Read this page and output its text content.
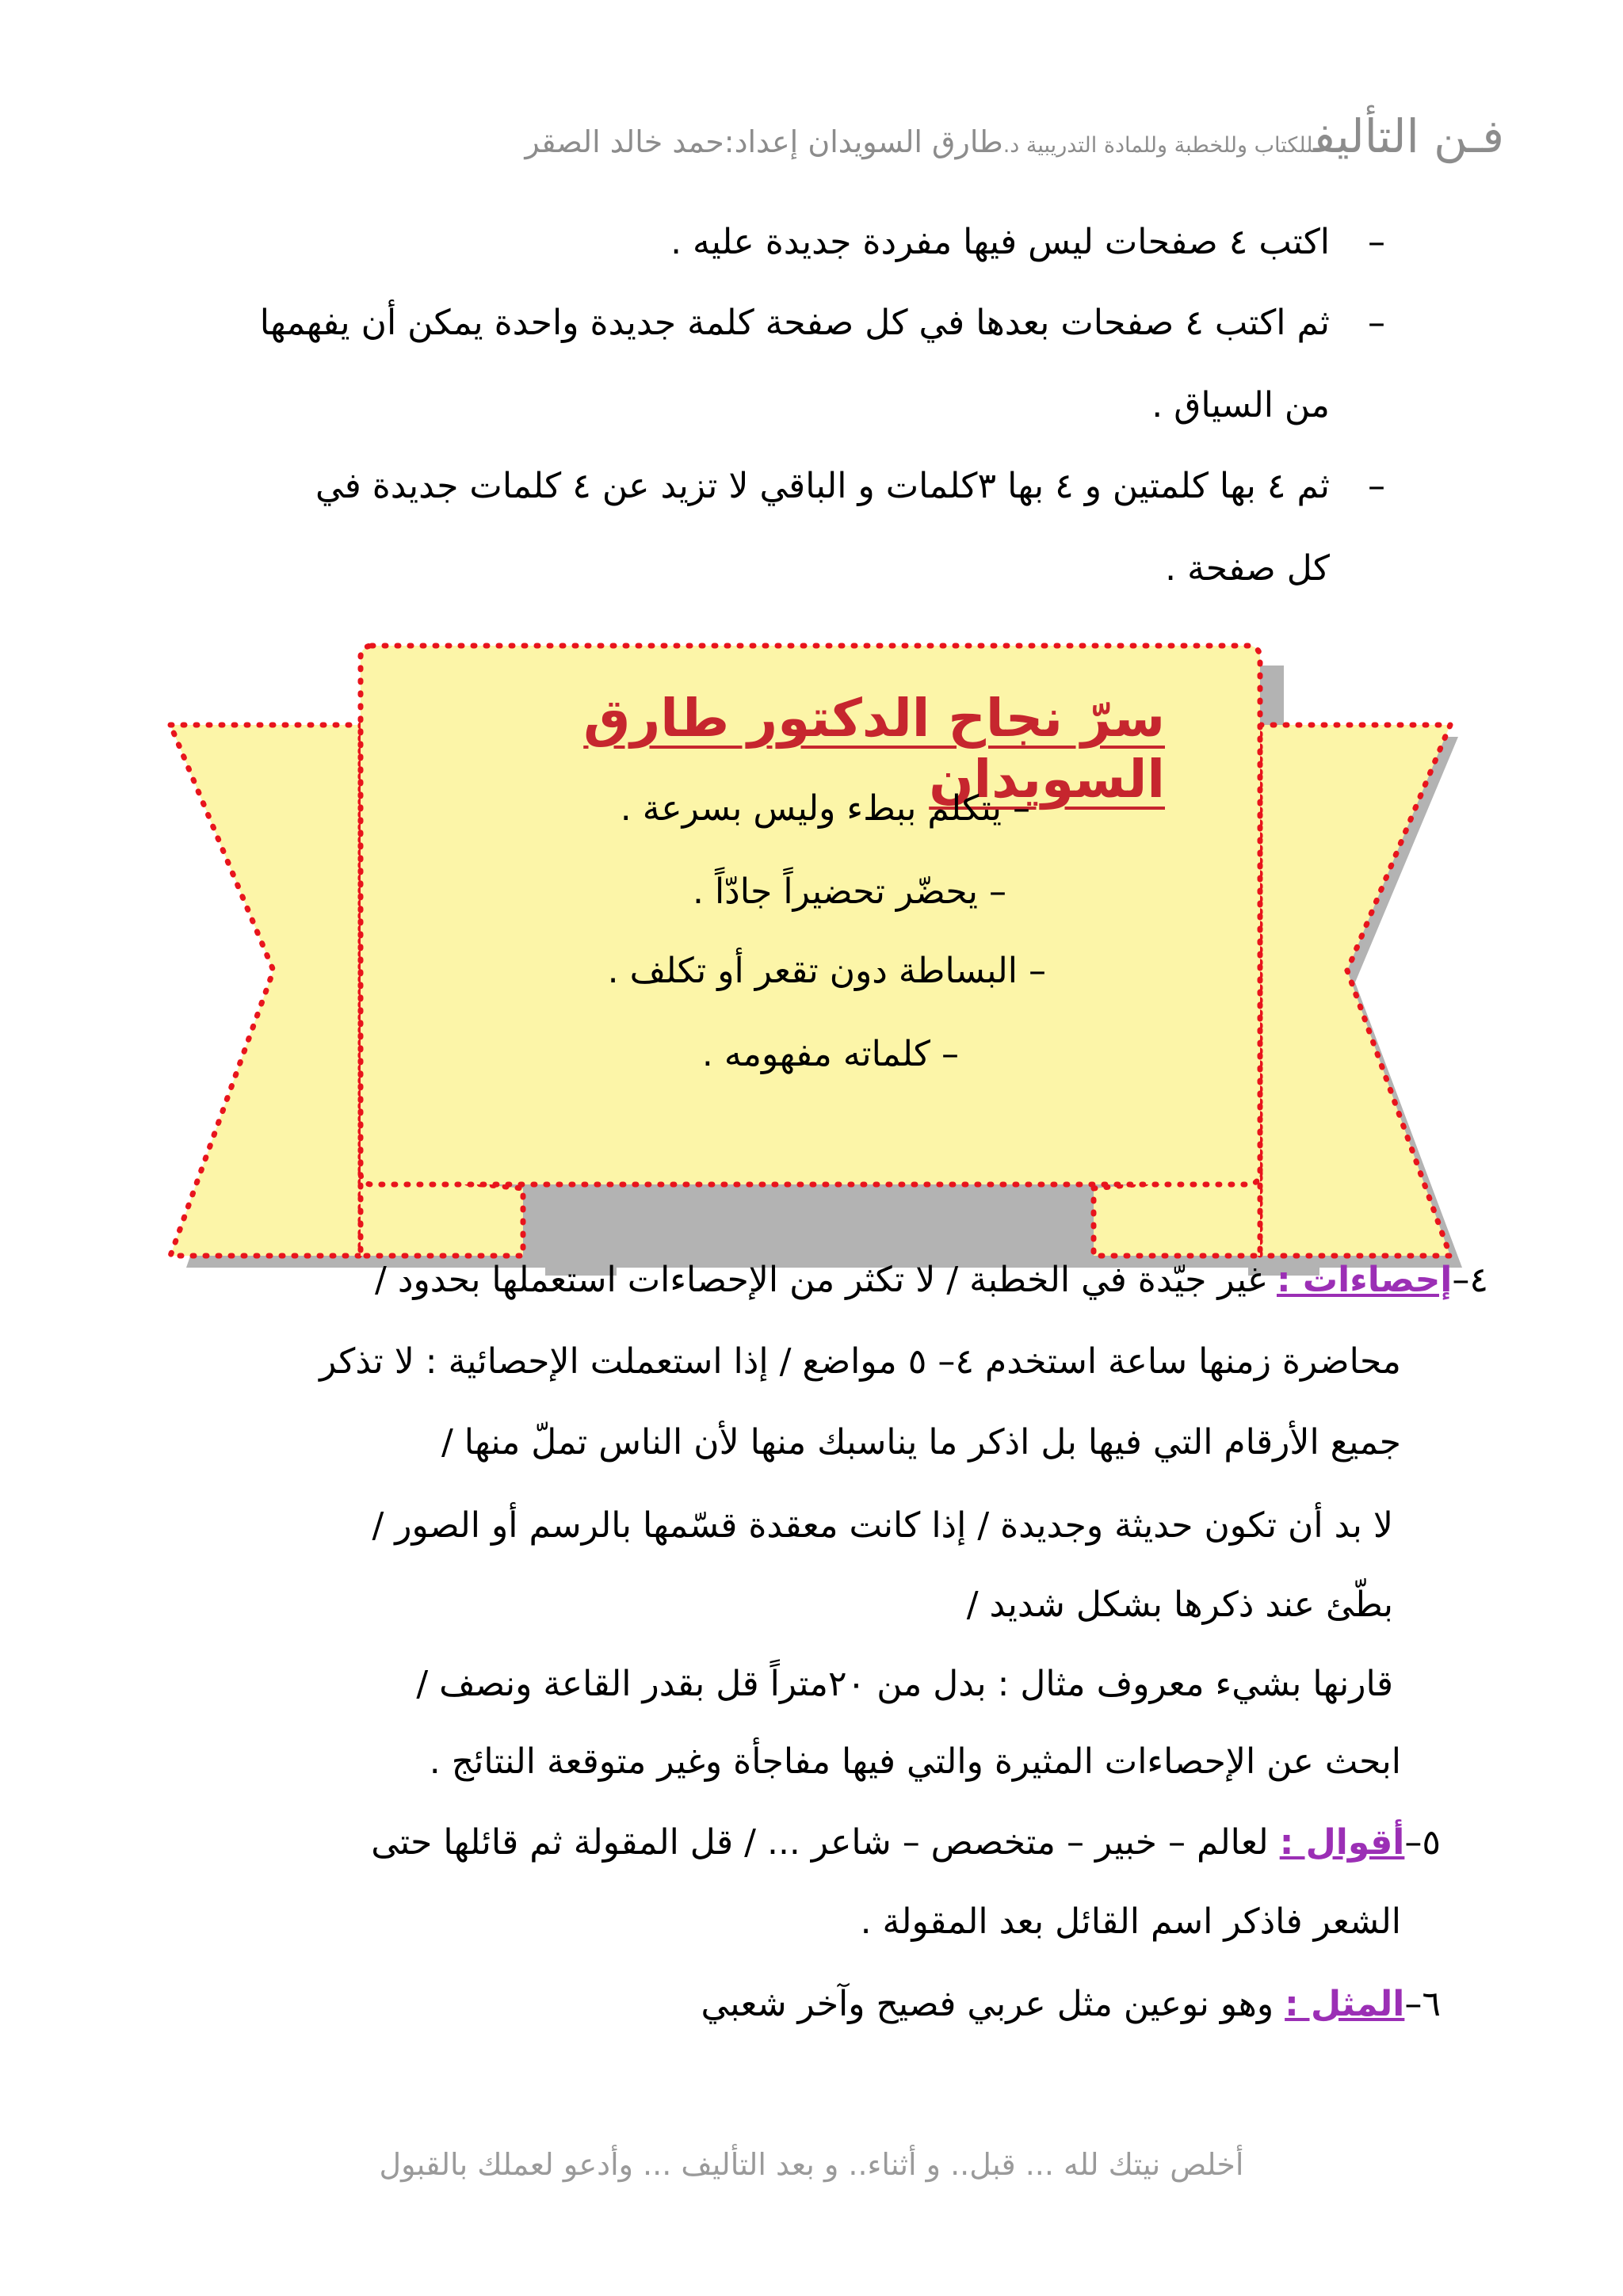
فـن التأليفللكتاب وللخطبة وللمادة التدريبية د.طارق السويدان إعداد:حمد خالد الصقر
–
اكتب ٤ صفحات ليس فيها مفردة جديدة عليه .
–
ثم اكتب ٤ صفحات بعدها في كل صفحة كلمة جديدة واحدة يمكن أن يفهمها
من السياق .
–
ثم ٤ بها كلمتين و ٤ بها ٣كلمات و الباقي لا تزيد عن ٤ كلمات جديدة في
كل صفحة .
سرّ نجاح الدكتور طارق السويدان
– يتكلم ببطء وليس بسرعة .
– يحضّر تحضيراً جادّاً .
– البساطة دون تقعر أو تكلف .
– كلماته مفهومه .
٤–إحصاءات : غير جيّدة في الخطبة / لا تكثر من الإحصاءات استعملها بحدود /
محاضرة زمنها ساعة استخدم ٤– ٥ مواضع / إذا استعملت الإحصائية : لا تذكر
جميع الأرقام التي فيها بل اذكر ما يناسبك منها لأن الناس تملّ منها /
لا بد أن تكون حديثة وجديدة / إذا كانت معقدة قسّمها بالرسم أو الصور /
بطّئ عند ذكرها بشكل شديد /
قارنها بشيء معروف مثال : بدل من ٢٠متراً قل بقدر القاعة ونصف /
ابحث عن الإحصاءات المثيرة والتي فيها مفاجأة وغير متوقعة النتائج .
٥–أقوال : لعالم – خبير – متخصص – شاعر ... / قل المقولة ثم قائلها حتى
الشعر فاذكر اسم القائل بعد المقولة .
٦–المثل : وهو نوعين مثل عربي فصيح وآخر شعبي
أخلص نيتك لله ... قبل.. و أثناء.. و بعد التأليف ... وأدعو لعملك بالقبول
